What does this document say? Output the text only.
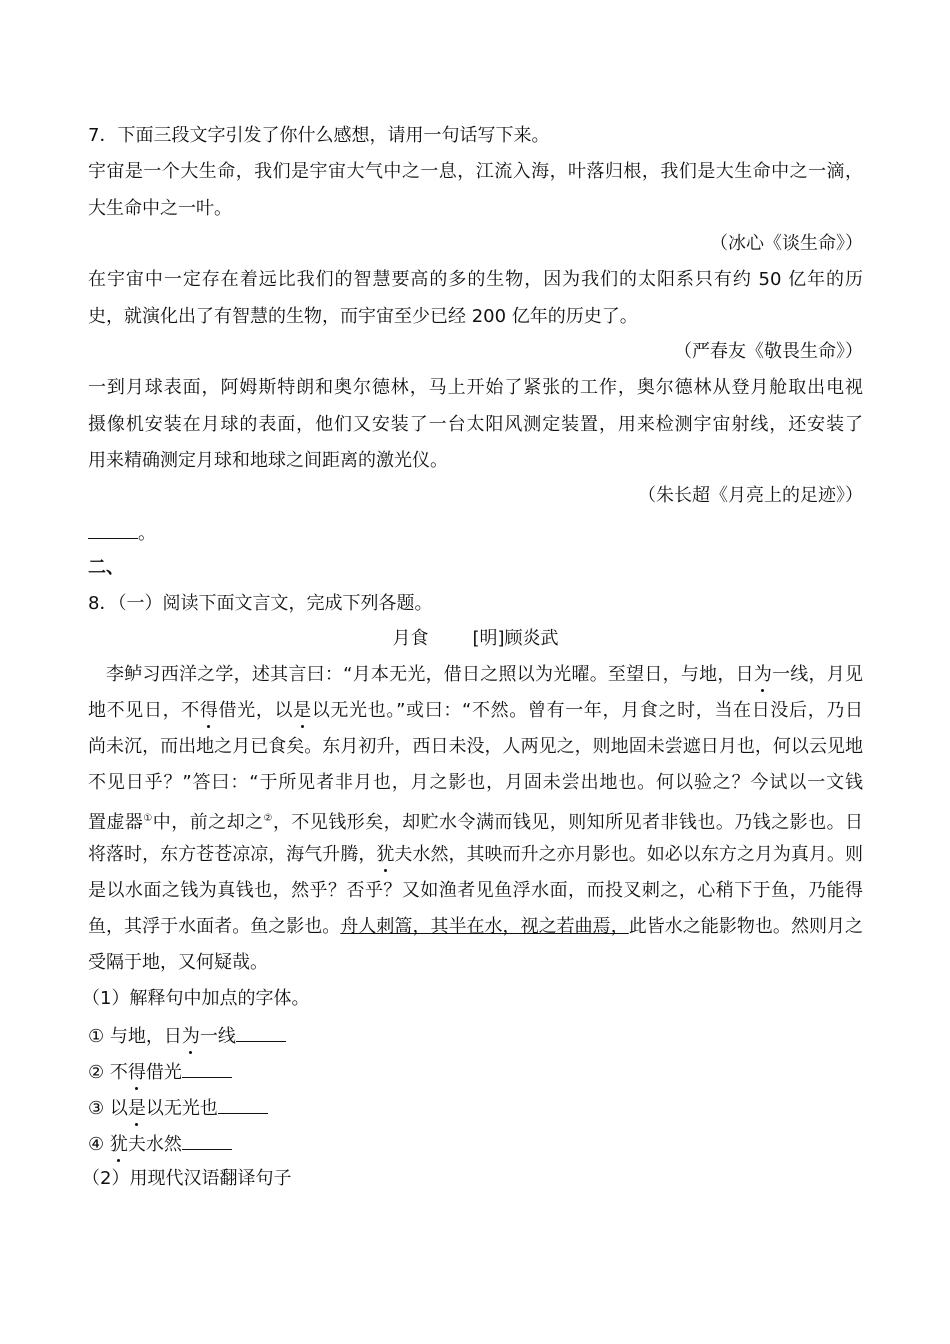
7．下面三段文字引发了你什么感想，请用一句话写下来。
宇宙是一个大生命，我们是宇宙大气中之一息，江流入海，叶落归根，我们是大生命中之一滴，
大生命中之一叶。
（冰心《谈生命》）
在宇宙中一定存在着远比我们的智慧要高的多的生物，因为我们的太阳系只有约 50 亿年的历
史，就演化出了有智慧的生物，而宇宙至少已经 200 亿年的历史了。
（严春友《敬畏生命》）
一到月球表面，阿姆斯特朗和奥尔德林，马上开始了紧张的工作，奥尔德林从登月舱取出电视
摄像机安装在月球的表面，他们又安装了一台太阳风测定装置，用来检测宇宙射线，还安装了
用来精确测定月球和地球之间距离的激光仪。
（朱长超《月亮上的足迹》）
。
二、
8．（一）阅读下面文言文，完成下列各题。
月食 [明]顾炎武
李鲈习西洋之学，述其言曰：“月本无光，借日之照以为光曜。至望日，与地，日为一线，月见
地不见日，不得借光，以是以无光也。”或曰：“不然。曾有一年，月食之时，当在日没后，乃日
尚未沉，而出地之月已食矣。东月初升，西日未没，人两见之，则地固未尝遮日月也，何以云见地
不见日乎？”答曰：“于所见者非月也，月之影也，月固未尝出地也。何以验之？今试以一文钱
置虚器①中，前之却之②，不见钱形矣，却贮水令满而钱见，则知所见者非钱也。乃钱之影也。日
将落时，东方苍苍凉凉，海气升腾，犹夫水然，其映而升之亦月影也。如必以东方之月为真月。则
是以水面之钱为真钱也，然乎？否乎？又如渔者见鱼浮水面，而投叉刺之，心稍下于鱼，乃能得
鱼，其浮于水面者。鱼之影也。舟人刺篙，其半在水，视之若曲焉，此皆水之能影物也。然则月之
受隔于地，又何疑哉。
（1）解释句中加点的字体。
① 与地，日为一线
② 不得借光
③ 以是以无光也
④ 犹夫水然
（2）用现代汉语翻译句子
